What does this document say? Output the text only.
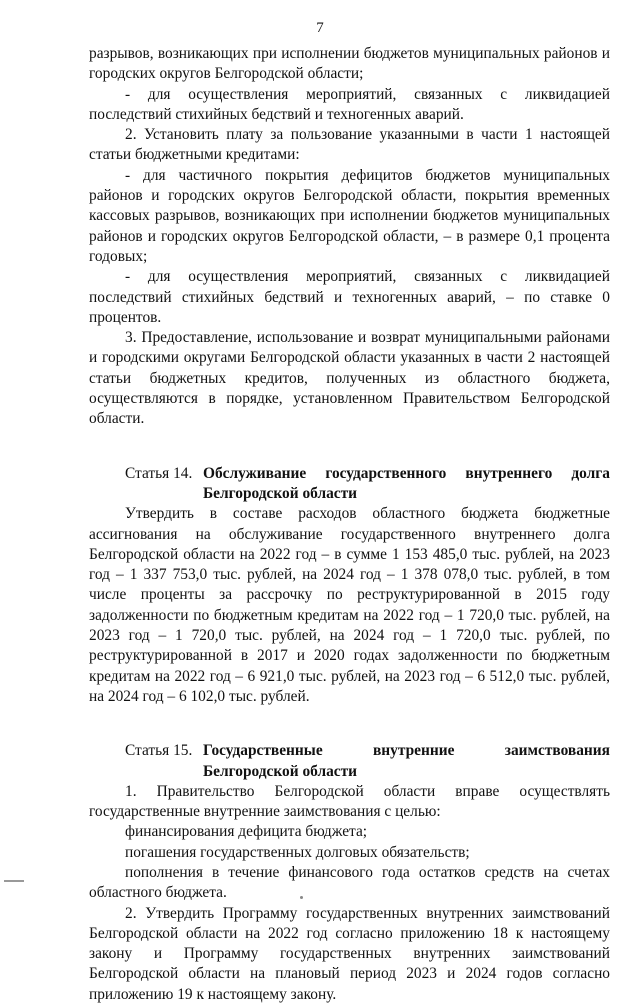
7

разрывов, возникающих при исполнении бюджетов муниципальных районов и городских округов Белгородской области;

- для осуществления мероприятий, связанных с ликвидацией последствий стихийных бедствий и техногенных аварий.

2. Установить плату за пользование указанными в части 1 настоящей статьи бюджетными кредитами:

- для частичного покрытия дефицитов бюджетов муниципальных районов и городских округов Белгородской области, покрытия временных кассовых разрывов, возникающих при исполнении бюджетов муниципальных районов и городских округов Белгородской области, – в размере 0,1 процента годовых;

- для осуществления мероприятий, связанных с ликвидацией последствий стихийных бедствий и техногенных аварий, – по ставке 0 процентов.

3. Предоставление, использование и возврат муниципальными районами и городскими округами Белгородской области указанных в части 2 настоящей статьи бюджетных кредитов, полученных из областного бюджета, осуществляются в порядке, установленном Правительством Белгородской области.

Статья 14. Обслуживание государственного внутреннего долга
Белгородской области

Утвердить в составе расходов областного бюджета бюджетные ассигнования на обслуживание государственного внутреннего долга Белгородской области на 2022 год – в сумме 1 153 485,0 тыс. рублей, на 2023 год – 1 337 753,0 тыс. рублей, на 2024 год – 1 378 078,0 тыс. рублей, в том числе проценты за рассрочку по реструктурированной в 2015 году задолженности по бюджетным кредитам на 2022 год – 1 720,0 тыс. рублей, на 2023 год – 1 720,0 тыс. рублей, на 2024 год – 1 720,0 тыс. рублей, по реструктурированной в 2017 и 2020 годах задолженности по бюджетным кредитам на 2022 год – 6 921,0 тыс. рублей, на 2023 год – 6 512,0 тыс. рублей, на 2024 год – 6 102,0 тыс. рублей.

Статья 15. Государственные внутренние заимствования
Белгородской области

1. Правительство Белгородской области вправе осуществлять государственные внутренние заимствования с целью:

финансирования дефицита бюджета;

погашения государственных долговых обязательств;

пополнения в течение финансового года остатков средств на счетах областного бюджета.

2. Утвердить Программу государственных внутренних заимствований Белгородской области на 2022 год согласно приложению 18 к настоящему закону и Программу государственных внутренних заимствований Белгородской области на плановый период 2023 и 2024 годов согласно приложению 19 к настоящему закону.
